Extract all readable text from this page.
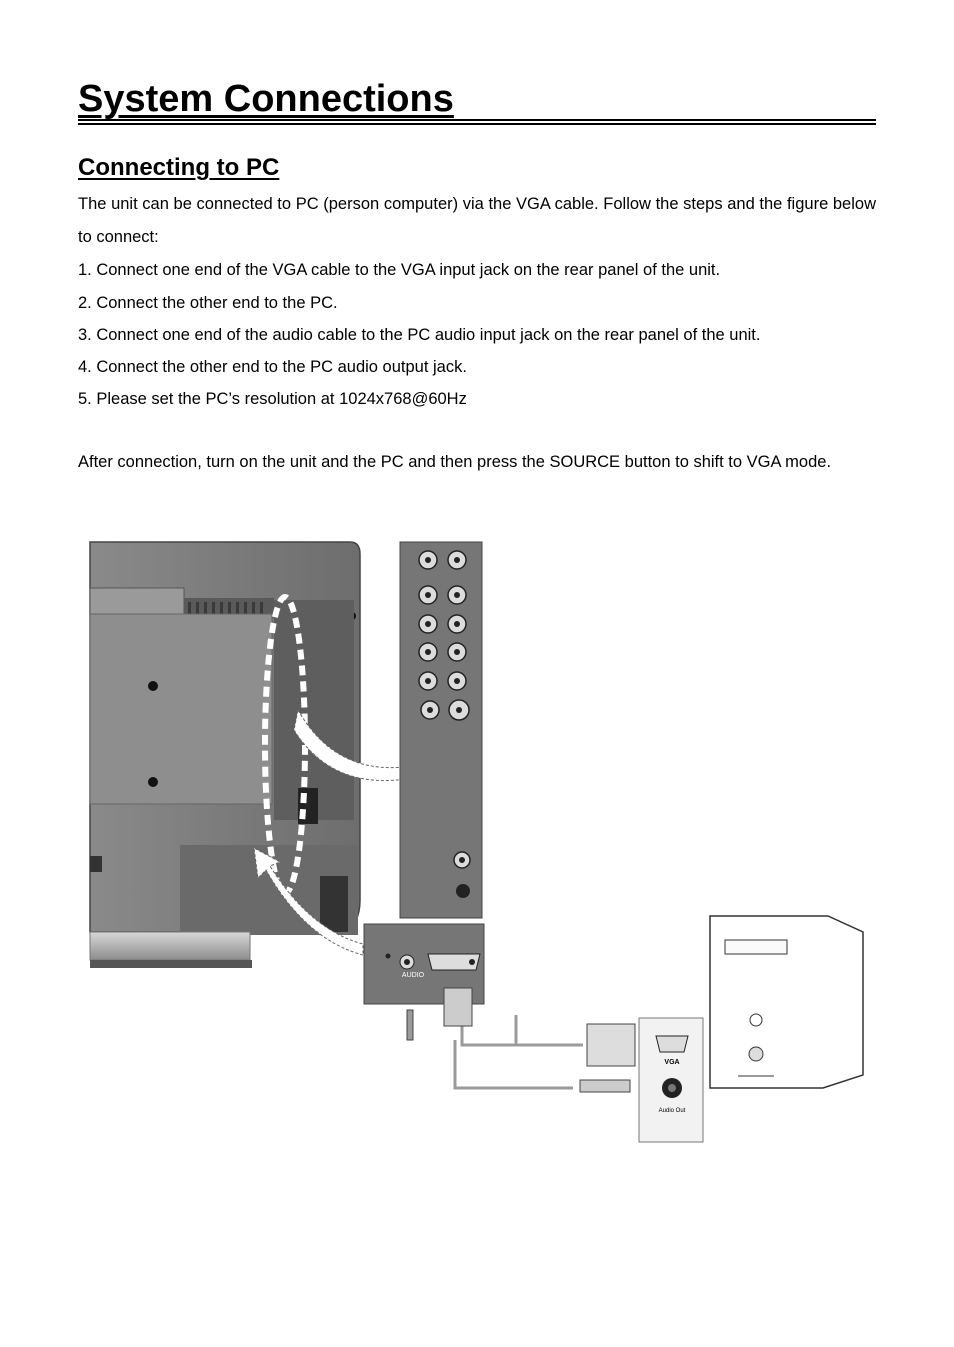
System Connections
Connecting to PC

The unit can be connected to PC (person computer) via the VGA cable. Follow the steps and the figure below to connect:

1. Connect one end of the VGA cable to the VGA input jack on the rear panel of the unit.

2. Connect the other end to the PC.

3. Connect one end of the audio cable to the PC audio input jack on the rear panel of the unit.

4. Connect the other end to the PC audio output jack.

5. Please set the PC’s resolution at 1024x768@60Hz

After connection, turn on the unit and the PC and then press the SOURCE button to shift to VGA mode.

AUDIO
VGA
Audio Out
